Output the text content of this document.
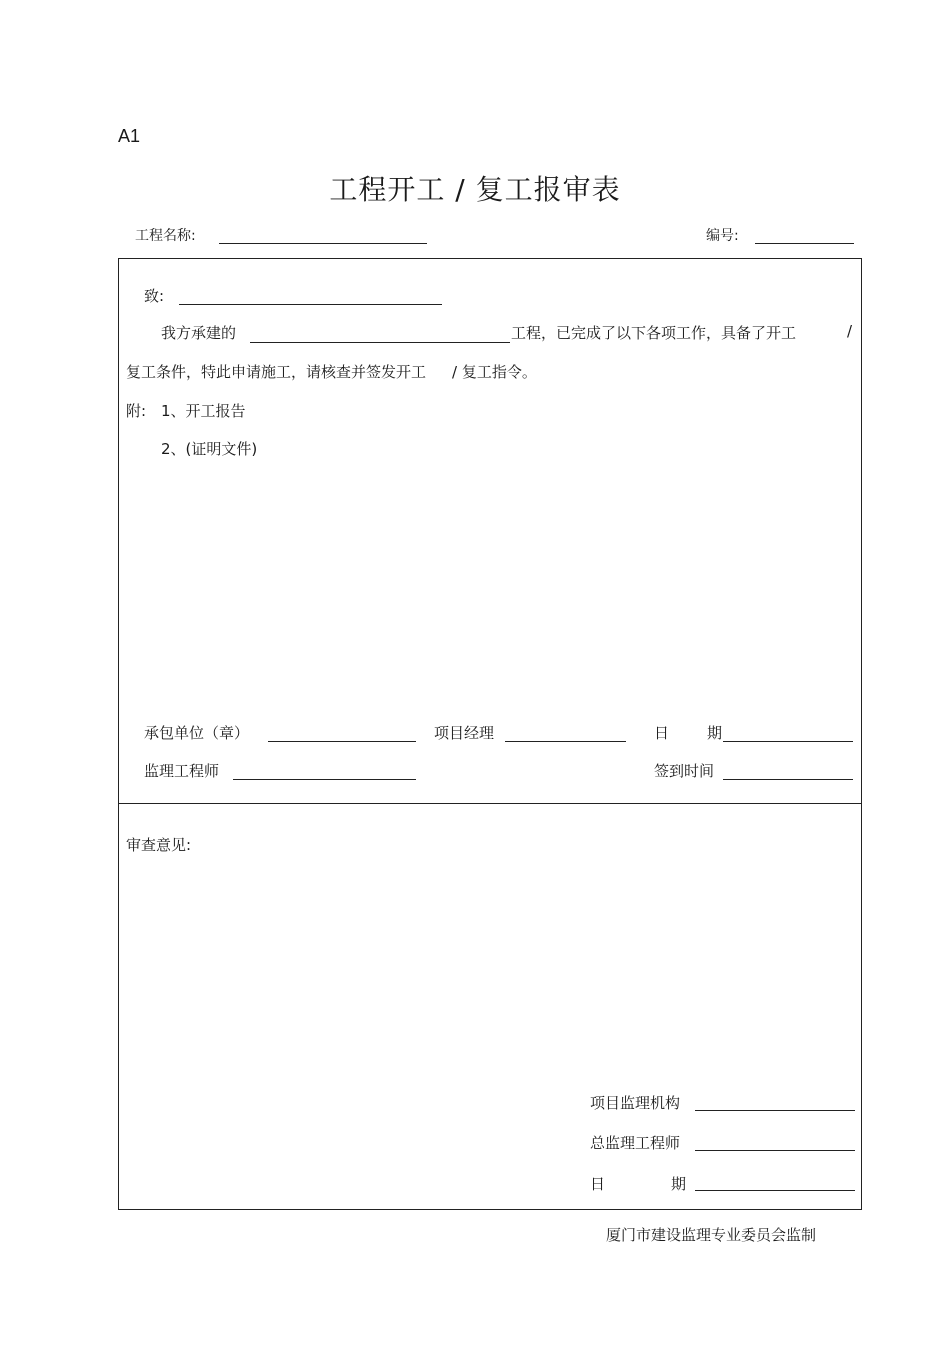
A1
工程开工 / 复工报审表
工程名称:	编号:
致:
我方承建的	工程，已完成了以下各项工作，具备了开工	/
复工条件，特此申请施工，请核查并签发开工 / 复工指令。
附: 1、开工报告
2、(证明文件)
承包单位（章）	项目经理	日	期
监理工程师	签到时间
审查意见:
项目监理机构
总监理工程师
日	期
厦门市建设监理专业委员会监制
